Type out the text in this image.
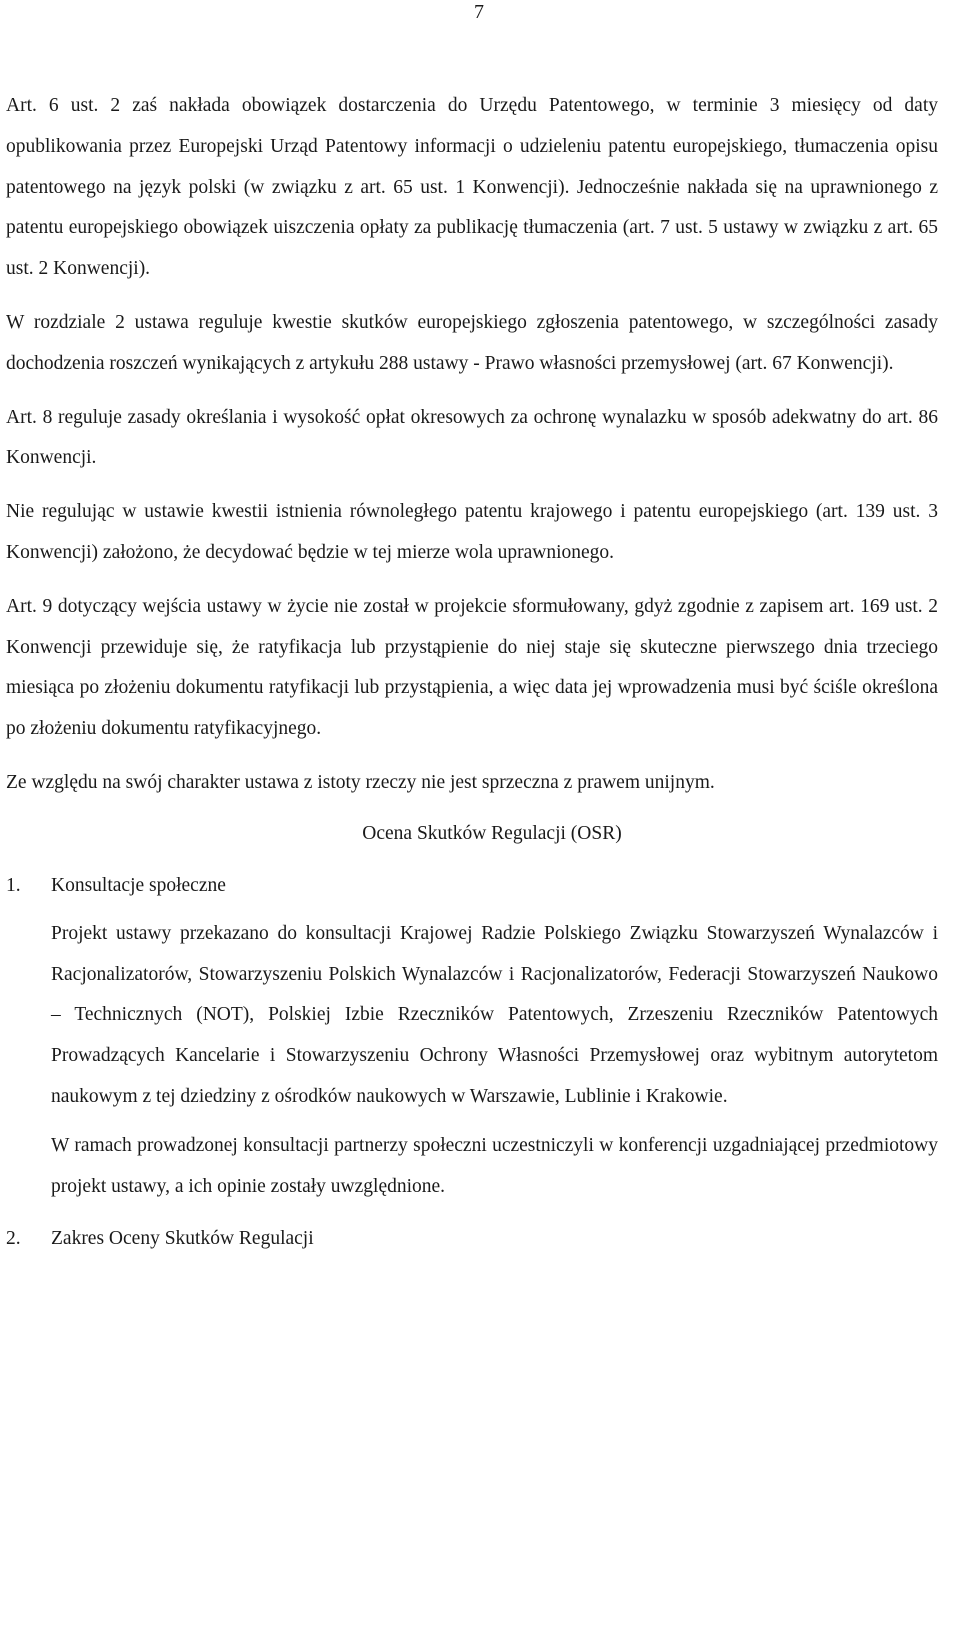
7

Art. 6 ust. 2 zaś nakłada obowiązek dostarczenia do Urzędu Patentowego, w terminie 3 miesięcy od daty opublikowania przez Europejski Urząd Patentowy informacji o udzieleniu patentu europejskiego, tłumaczenia opisu patentowego na język polski (w związku z art. 65 ust. 1 Konwencji). Jednocześnie nakłada się na uprawnionego z patentu europejskiego obowiązek uiszczenia opłaty za publikację tłumaczenia (art. 7 ust. 5 ustawy w związku z art. 65 ust. 2 Konwencji).

W rozdziale 2 ustawa reguluje kwestie skutków europejskiego zgłoszenia patentowego, w szczególności zasady dochodzenia roszczeń wynikających z artykułu 288 ustawy - Prawo własności przemysłowej (art. 67 Konwencji).

Art. 8 reguluje zasady określania i wysokość opłat okresowych za ochronę wynalazku w sposób adekwatny do art. 86 Konwencji.

Nie regulując w ustawie kwestii istnienia równoległego patentu krajowego i patentu europejskiego (art. 139 ust. 3 Konwencji) założono, że decydować będzie w tej mierze wola uprawnionego.

Art. 9 dotyczący wejścia ustawy w życie nie został w projekcie sformułowany, gdyż zgodnie z zapisem art. 169 ust. 2 Konwencji przewiduje się, że ratyfikacja lub przystąpienie do niej staje się skuteczne pierwszego dnia trzeciego miesiąca po złożeniu dokumentu ratyfikacji lub przystąpienia, a więc data jej wprowadzenia musi być ściśle określona po złożeniu dokumentu ratyfikacyjnego.

Ze względu na swój charakter ustawa z istoty rzeczy nie jest sprzeczna z prawem unijnym.

Ocena Skutków Regulacji (OSR)
1.	Konsultacje społeczne

Projekt ustawy przekazano do konsultacji Krajowej Radzie Polskiego Związku Stowarzyszeń Wynalazców i Racjonalizatorów, Stowarzyszeniu Polskich Wynalazców i Racjonalizatorów, Federacji Stowarzyszeń Naukowo – Technicznych (NOT), Polskiej Izbie Rzeczników Patentowych, Zrzeszeniu Rzeczników Patentowych Prowadzących Kancelarie i Stowarzyszeniu Ochrony Własności Przemysłowej oraz wybitnym autorytetom naukowym z tej dziedziny z ośrodków naukowych w Warszawie, Lublinie i Krakowie.

W ramach prowadzonej konsultacji partnerzy społeczni uczestniczyli w konferencji uzgadniającej przedmiotowy projekt ustawy, a ich opinie zostały uwzględnione.

2.	Zakres Oceny Skutków Regulacji
